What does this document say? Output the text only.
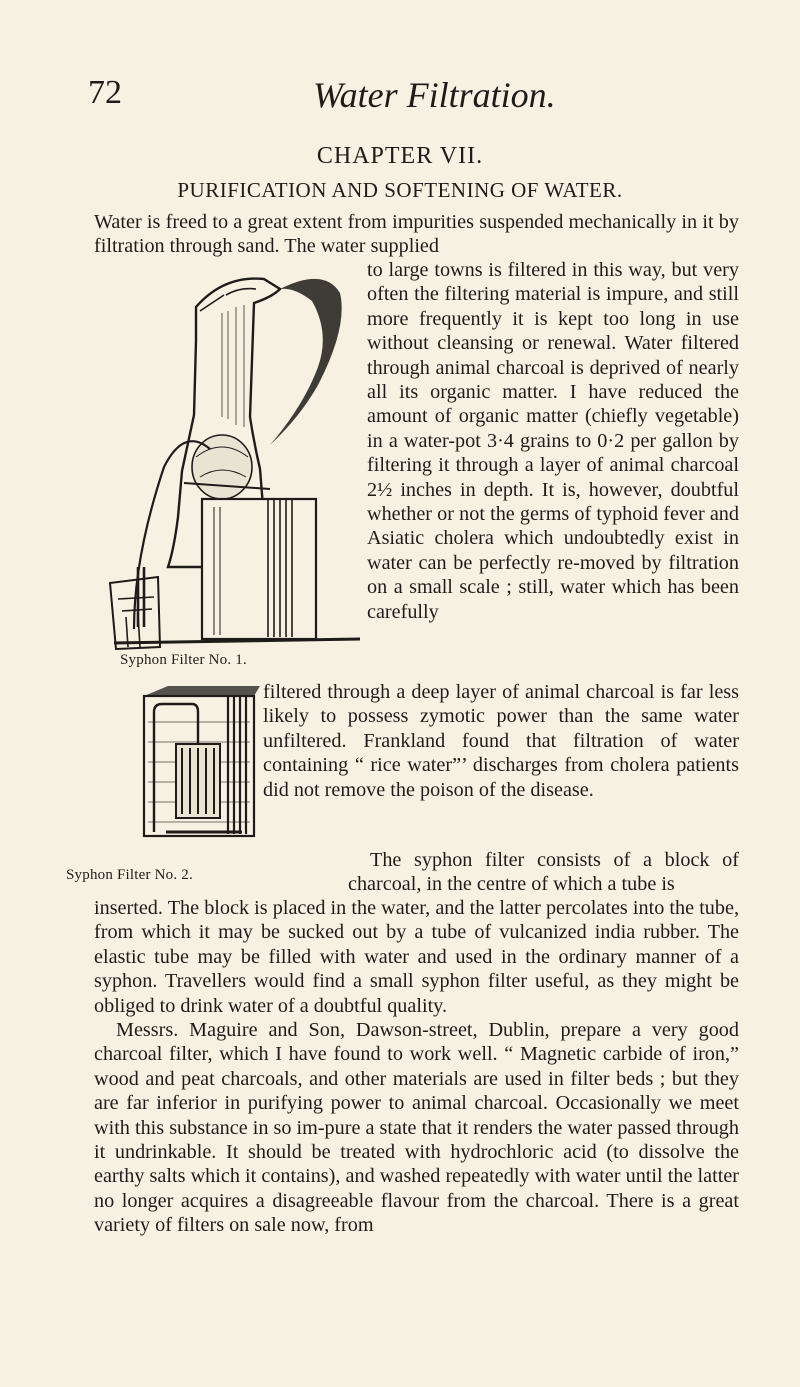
72	Water Filtration.
CHAPTER VII.
PURIFICATION AND SOFTENING OF WATER.

Water is freed to a great extent from impurities suspended mechanically in it by filtration through sand. The water supplied

Syphon Filter No. 1.

to large towns is filtered in this way, but very often the filtering material is impure, and still more frequently it is kept too long in use without cleansing or renewal. Water filtered through animal charcoal is deprived of nearly all its organic matter. I have reduced the amount of organic matter (chiefly vegetable) in a water-pot 3·4 grains to 0·2 per gallon by filtering it through a layer of animal charcoal 2½ inches in depth. It is, however, doubtful whether or not the germs of typhoid fever and Asiatic cholera which undoubtedly exist in water can be perfectly re-moved by filtration on a small scale ; still, water which has been carefully

Syphon Filter No. 2.

filtered through a deep layer of animal charcoal is far less likely to possess zymotic power than the same water unfiltered. Frankland found that filtration of water containing “ rice water”’ discharges from cholera patients did not remove the poison of the disease.

The syphon filter consists of a block of charcoal, in the centre of which a tube is

inserted. The block is placed in the water, and the latter percolates into the tube, from which it may be sucked out by a tube of vulcanized india rubber. The elastic tube may be filled with water and used in the ordinary manner of a syphon. Travellers would find a small syphon filter useful, as they might be obliged to drink water of a doubtful quality.

Messrs. Maguire and Son, Dawson-street, Dublin, prepare a very good charcoal filter, which I have found to work well. “ Magnetic carbide of iron,” wood and peat charcoals, and other materials are used in filter beds ; but they are far inferior in purifying power to animal charcoal. Occasionally we meet with this substance in so im-pure a state that it renders the water passed through it undrinkable. It should be treated with hydrochloric acid (to dissolve the earthy salts which it contains), and washed repeatedly with water until the latter no longer acquires a disagreeable flavour from the charcoal. There is a great variety of filters on sale now, from
